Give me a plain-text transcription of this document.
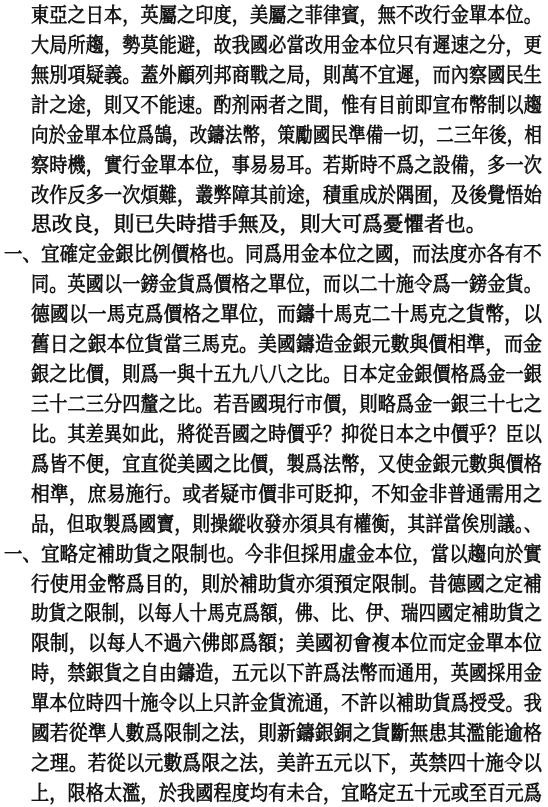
東亞之日本，英屬之印度，美屬之菲律賓，無不改行金單本位。
大局所趨，勢莫能避，故我國必當改用金本位只有遲速之分，更
無別項疑義。蓋外顧列邦商戰之局，則萬不宜遲，而內察國民生
計之途，則又不能速。酌剂兩者之間，惟有目前即宣布幣制以趨
向於金單本位爲鵠，改鑄法幣，策勵國民準備一切，二三年後，相
察時機，實行金單本位，事易易耳。若斯時不爲之設備，多一次
改作反多一次煩難，叢弊障其前途，積重成於隅囿，及後覺悟始
思改良，則已失時措手無及，則大可爲憂懼者也。
一、宜確定金銀比例價格也。同爲用金本位之國，而法度亦各有不
同。英國以一鎊金貨爲價格之單位，而以二十施令爲一鎊金貨。
德國以一馬克爲價格之單位，而鑄十馬克二十馬克之貨幣，以
舊日之銀本位貨當三馬克。美國鑄造金銀元數與價相準，而金
銀之比價，則爲一與十五九八八之比。日本定金銀價格爲金一銀
三十二三分四釐之比。若吾國現行市價，則略爲金一銀三十七之
比。其差異如此，將從吾國之時價乎？抑從日本之中價乎？臣以
爲皆不便，宜直從美國之比價，製爲法幣，又使金銀元數與價格
相準，庶易施行。或者疑市價非可貶抑，不知金非普通需用之
品，但取製爲國寶，則操縱收發亦須具有權衡，其詳當俟別議。、
一、宜略定補助貨之限制也。今非但採用虛金本位，當以趨向於實
行使用金幣爲目的，則於補助貨亦須預定限制。昔德國之定補
助貨之限制，以每人十馬克爲額，佛、比、伊、瑞四國定補助貨之
限制，以每人不過六佛郎爲額；美國初會複本位而定金單本位
時，禁銀貨之自由鑄造，五元以下許爲法幣而通用，英國採用金
單本位時四十施令以上只許金貨流通，不許以補助貨爲授受。我
國若從準人數爲限制之法，則新鑄銀銅之貨斷無患其濫能逾格
之理。若從以元數爲限之法，美許五元以下，英禁四十施令以
上，限格太濫，於我國程度均有未合，宜略定五十元或至百元爲
